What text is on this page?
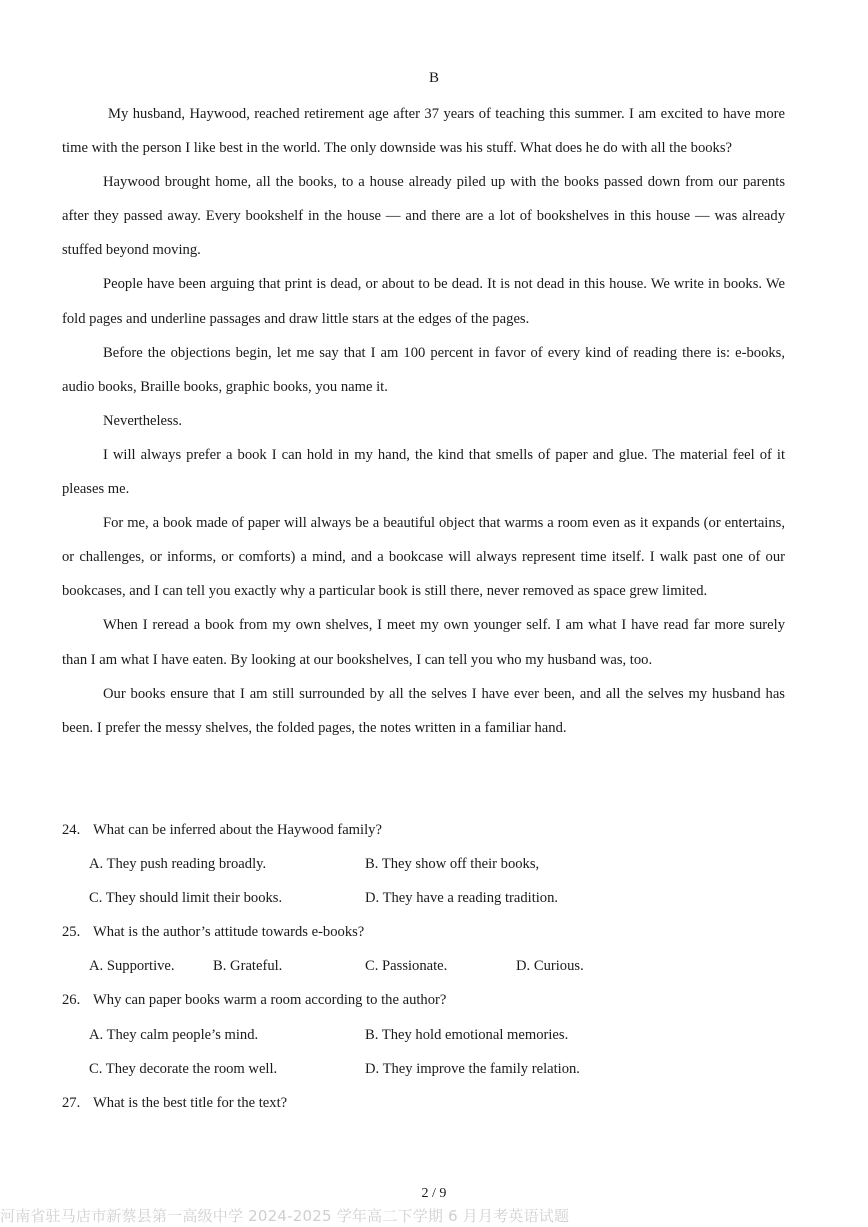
B

My husband, Haywood, reached retirement age after 37 years of teaching this summer. I am excited to have more time with the person I like best in the world. The only downside was his stuff. What does he do with all the books?

Haywood brought home, all the books, to a house already piled up with the books passed down from our parents after they passed away. Every bookshelf in the house — and there are a lot of bookshelves in this house — was already stuffed beyond moving.

People have been arguing that print is dead, or about to be dead. It is not dead in this house. We write in books. We fold pages and underline passages and draw little stars at the edges of the pages.

Before the objections begin, let me say that I am 100 percent in favor of every kind of reading there is: e-books, audio books, Braille books, graphic books, you name it.

Nevertheless.

I will always prefer a book I can hold in my hand, the kind that smells of paper and glue. The material feel of it pleases me.

For me, a book made of paper will always be a beautiful object that warms a room even as it expands (or entertains, or challenges, or informs, or comforts) a mind, and a bookcase will always represent time itself. I walk past one of our bookcases, and I can tell you exactly why a particular book is still there, never removed as space grew limited.

When I reread a book from my own shelves, I meet my own younger self. I am what I have read far more surely than I am what I have eaten. By looking at our bookshelves, I can tell you who my husband was, too.

Our books ensure that I am still surrounded by all the selves I have ever been, and all the selves my husband has been. I prefer the messy shelves, the folded pages, the notes written in a familiar hand.

24. What can be inferred about the Haywood family?
A. They push reading broadly.	B. They show off their books,
C. They should limit their books.	D. They have a reading tradition.
25. What is the author’s attitude towards e-books?
A. Supportive.	B. Grateful.	C. Passionate.	D. Curious.
26. Why can paper books warm a room according to the author?
A. They calm people’s mind.	B. They hold emotional memories.
C. They decorate the room well.	D. They improve the family relation.
27. What is the best title for the text?
2 / 9
河南省驻马店市新蔡县第一高级中学 2024-2025 学年高二下学期 6 月月考英语试题
